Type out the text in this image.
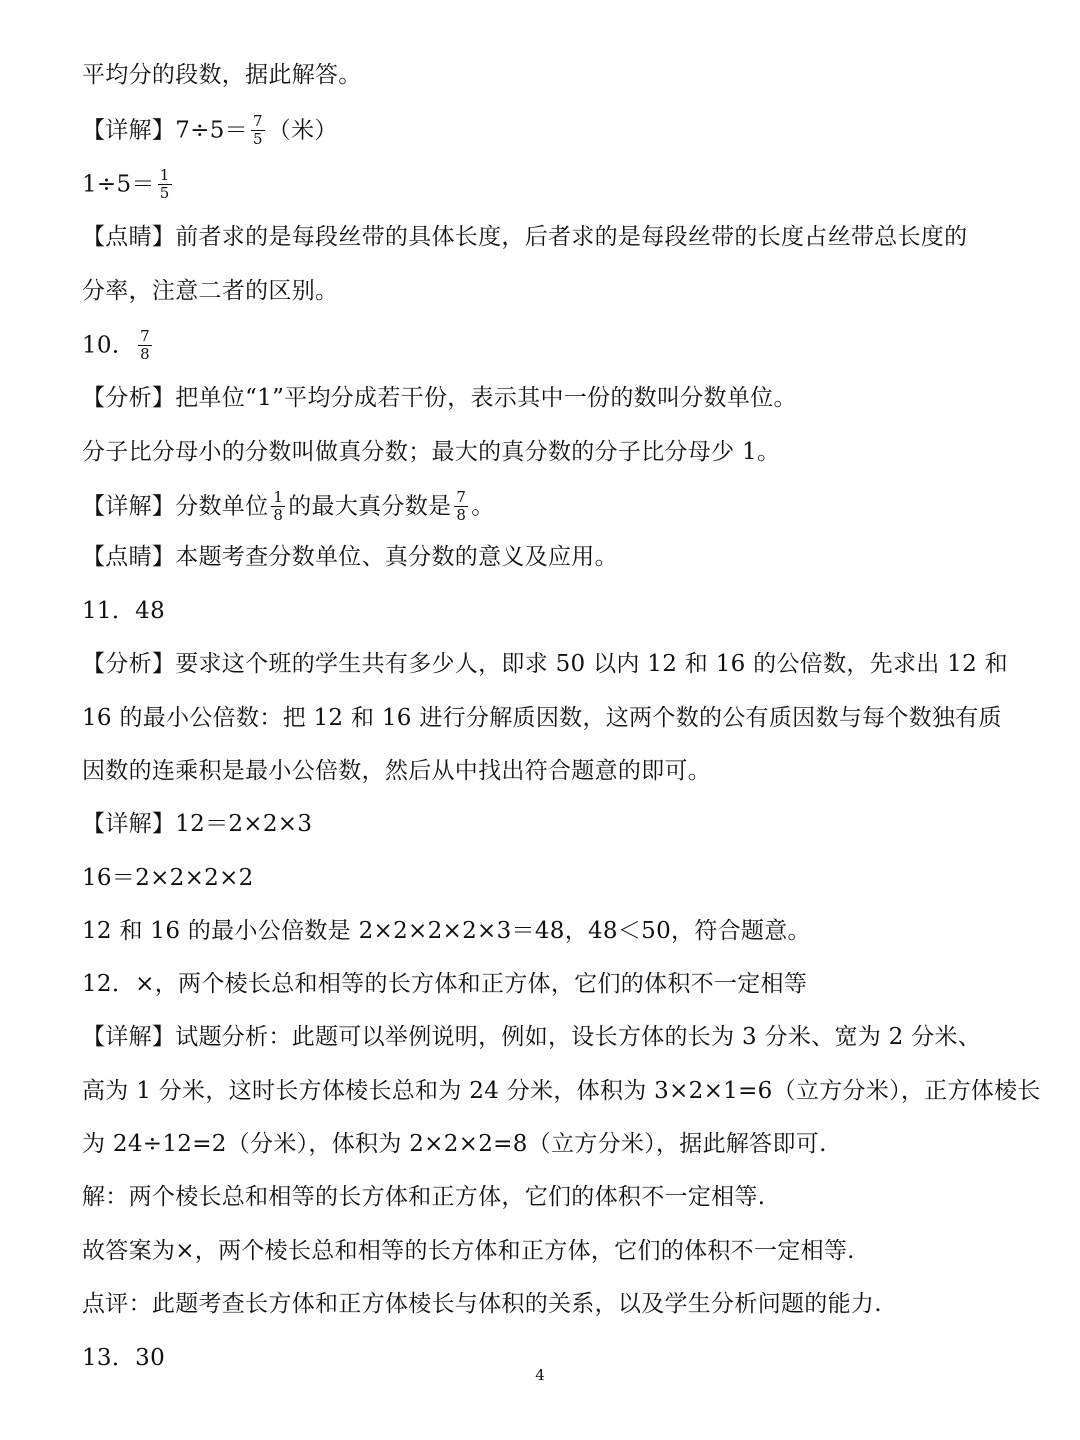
平均分的段数，据此解答。
【详解】$7\div 5= \frac{7}{5}$ （米）
$1\div 5= \frac{1}{5}$
【点睛】前者求的是每段丝带的具体长度，后者求的是每段丝带的长度占丝带总长度的
分率，注意二者的区别。
10． $\frac{7}{8}$
【分析】把单位“1”平均分成若干份，表示其中一份的数叫分数单位。
分子比分母小的分数叫做真分数；最大的真分数的分子比分母少 1。
【详解】分数单位 $\frac{1}{8}$ 的最大真分数是 $\frac{7}{8}$ 。
【点睛】本题考查分数单位、真分数的意义及应用。
11．48
【分析】要求这个班的学生共有多少人，即求 50 以内 12 和 16 的公倍数，先求出 12 和
16 的最小公倍数：把 12 和 16 进行分解质因数，这两个数的公有质因数与每个数独有质
因数的连乘积是最小公倍数，然后从中找出符合题意的即可。
【详解】12＝2×2×3
16＝2×2×2×2
12 和 16 的最小公倍数是 2×2×2×2×3＝48，48＜50，符合题意。
12．×，两个棱长总和相等的长方体和正方体，它们的体积不一定相等
【详解】试题分析：此题可以举例说明，例如，设长方体的长为 3 分米、宽为 2 分米、
高为 1 分米，这时长方体棱长总和为 24 分米，体积为 3×2×1=6（立方分米），正方体棱长
为 24÷12=2（分米），体积为 2×2×2=8（立方分米），据此解答即可.
解：两个棱长总和相等的长方体和正方体，它们的体积不一定相等.
故答案为×，两个棱长总和相等的长方体和正方体，它们的体积不一定相等.
点评：此题考查长方体和正方体棱长与体积的关系，以及学生分析问题的能力.
13．30
4
